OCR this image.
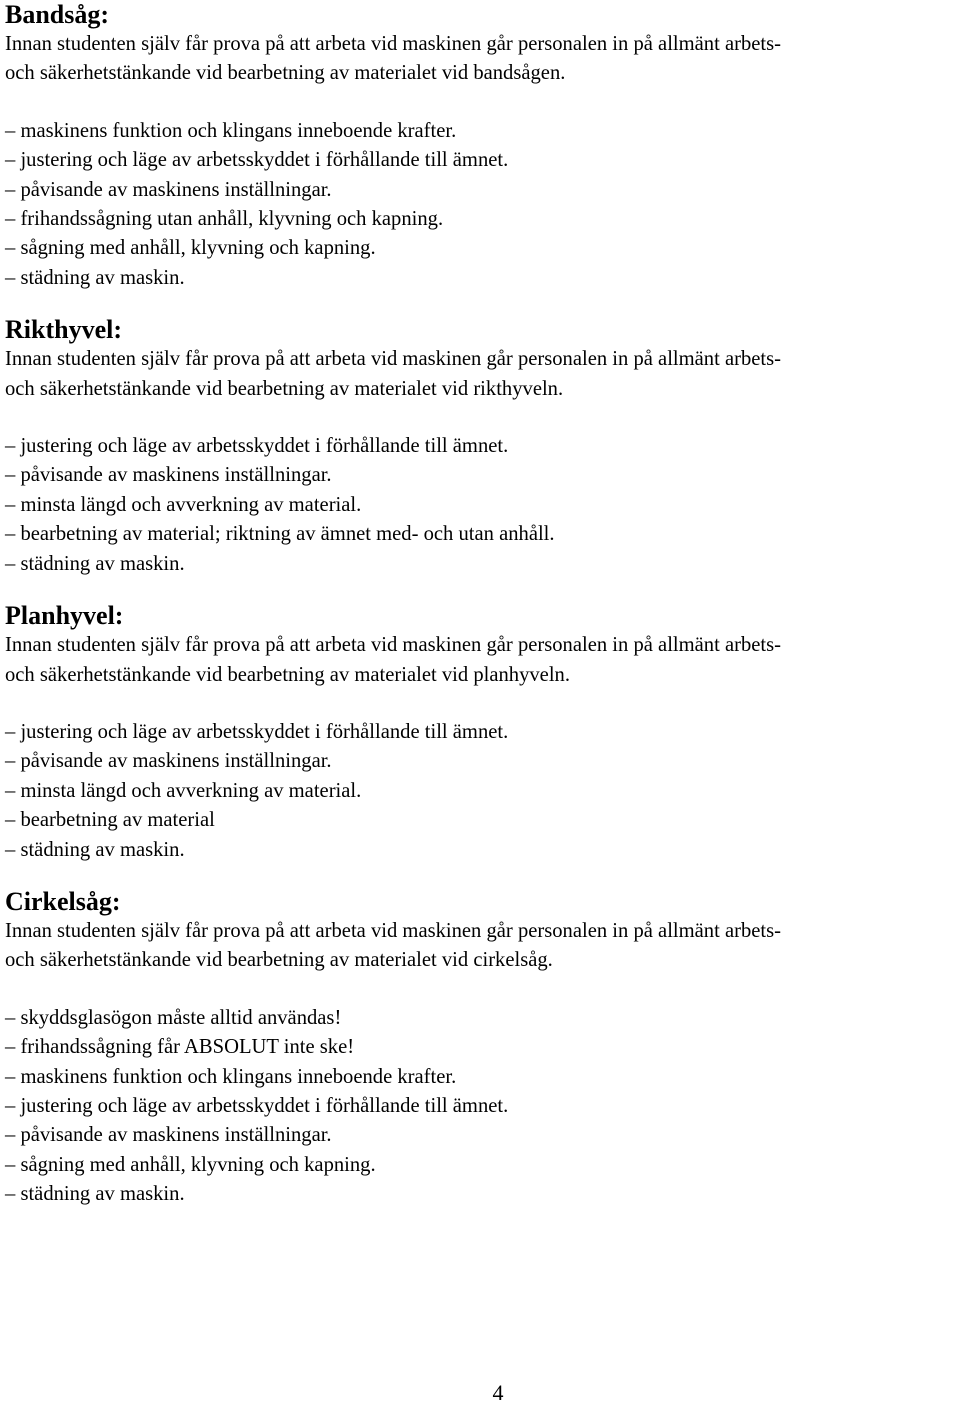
Bandsåg:

Innan studenten själv får prova på att arbeta vid maskinen går personalen in på allmänt arbets-

och säkerhetstänkande vid bearbetning av materialet vid bandsågen.

– maskinens funktion och klingans inneboende krafter.
– justering och läge av arbetsskyddet i förhållande till ämnet.
– påvisande av maskinens inställningar.
– frihandssågning utan anhåll, klyvning och kapning.
– sågning med anhåll, klyvning och kapning.
– städning av maskin.
Rikthyvel:

Innan studenten själv får prova på att arbeta vid maskinen går personalen in på allmänt arbets-

och säkerhetstänkande vid bearbetning av materialet vid rikthyveln.

– justering och läge av arbetsskyddet i förhållande till ämnet.
– påvisande av maskinens inställningar.
– minsta längd och avverkning av material.
– bearbetning av material; riktning av ämnet med- och utan anhåll.
– städning av maskin.
Planhyvel:

Innan studenten själv får prova på att arbeta vid maskinen går personalen in på allmänt arbets-

och säkerhetstänkande vid bearbetning av materialet vid planhyveln.

– justering och läge av arbetsskyddet i förhållande till ämnet.
– påvisande av maskinens inställningar.
– minsta längd och avverkning av material.
– bearbetning av material
– städning av maskin.
Cirkelsåg:

Innan studenten själv får prova på att arbeta vid maskinen går personalen in på allmänt arbets-

och säkerhetstänkande vid bearbetning av materialet vid cirkelsåg.

– skyddsglasögon måste alltid användas!
– frihandssågning får ABSOLUT inte ske!
– maskinens funktion och klingans inneboende krafter.
– justering och läge av arbetsskyddet i förhållande till ämnet.
– påvisande av maskinens inställningar.
– sågning med anhåll, klyvning och kapning.
– städning av maskin.
4
